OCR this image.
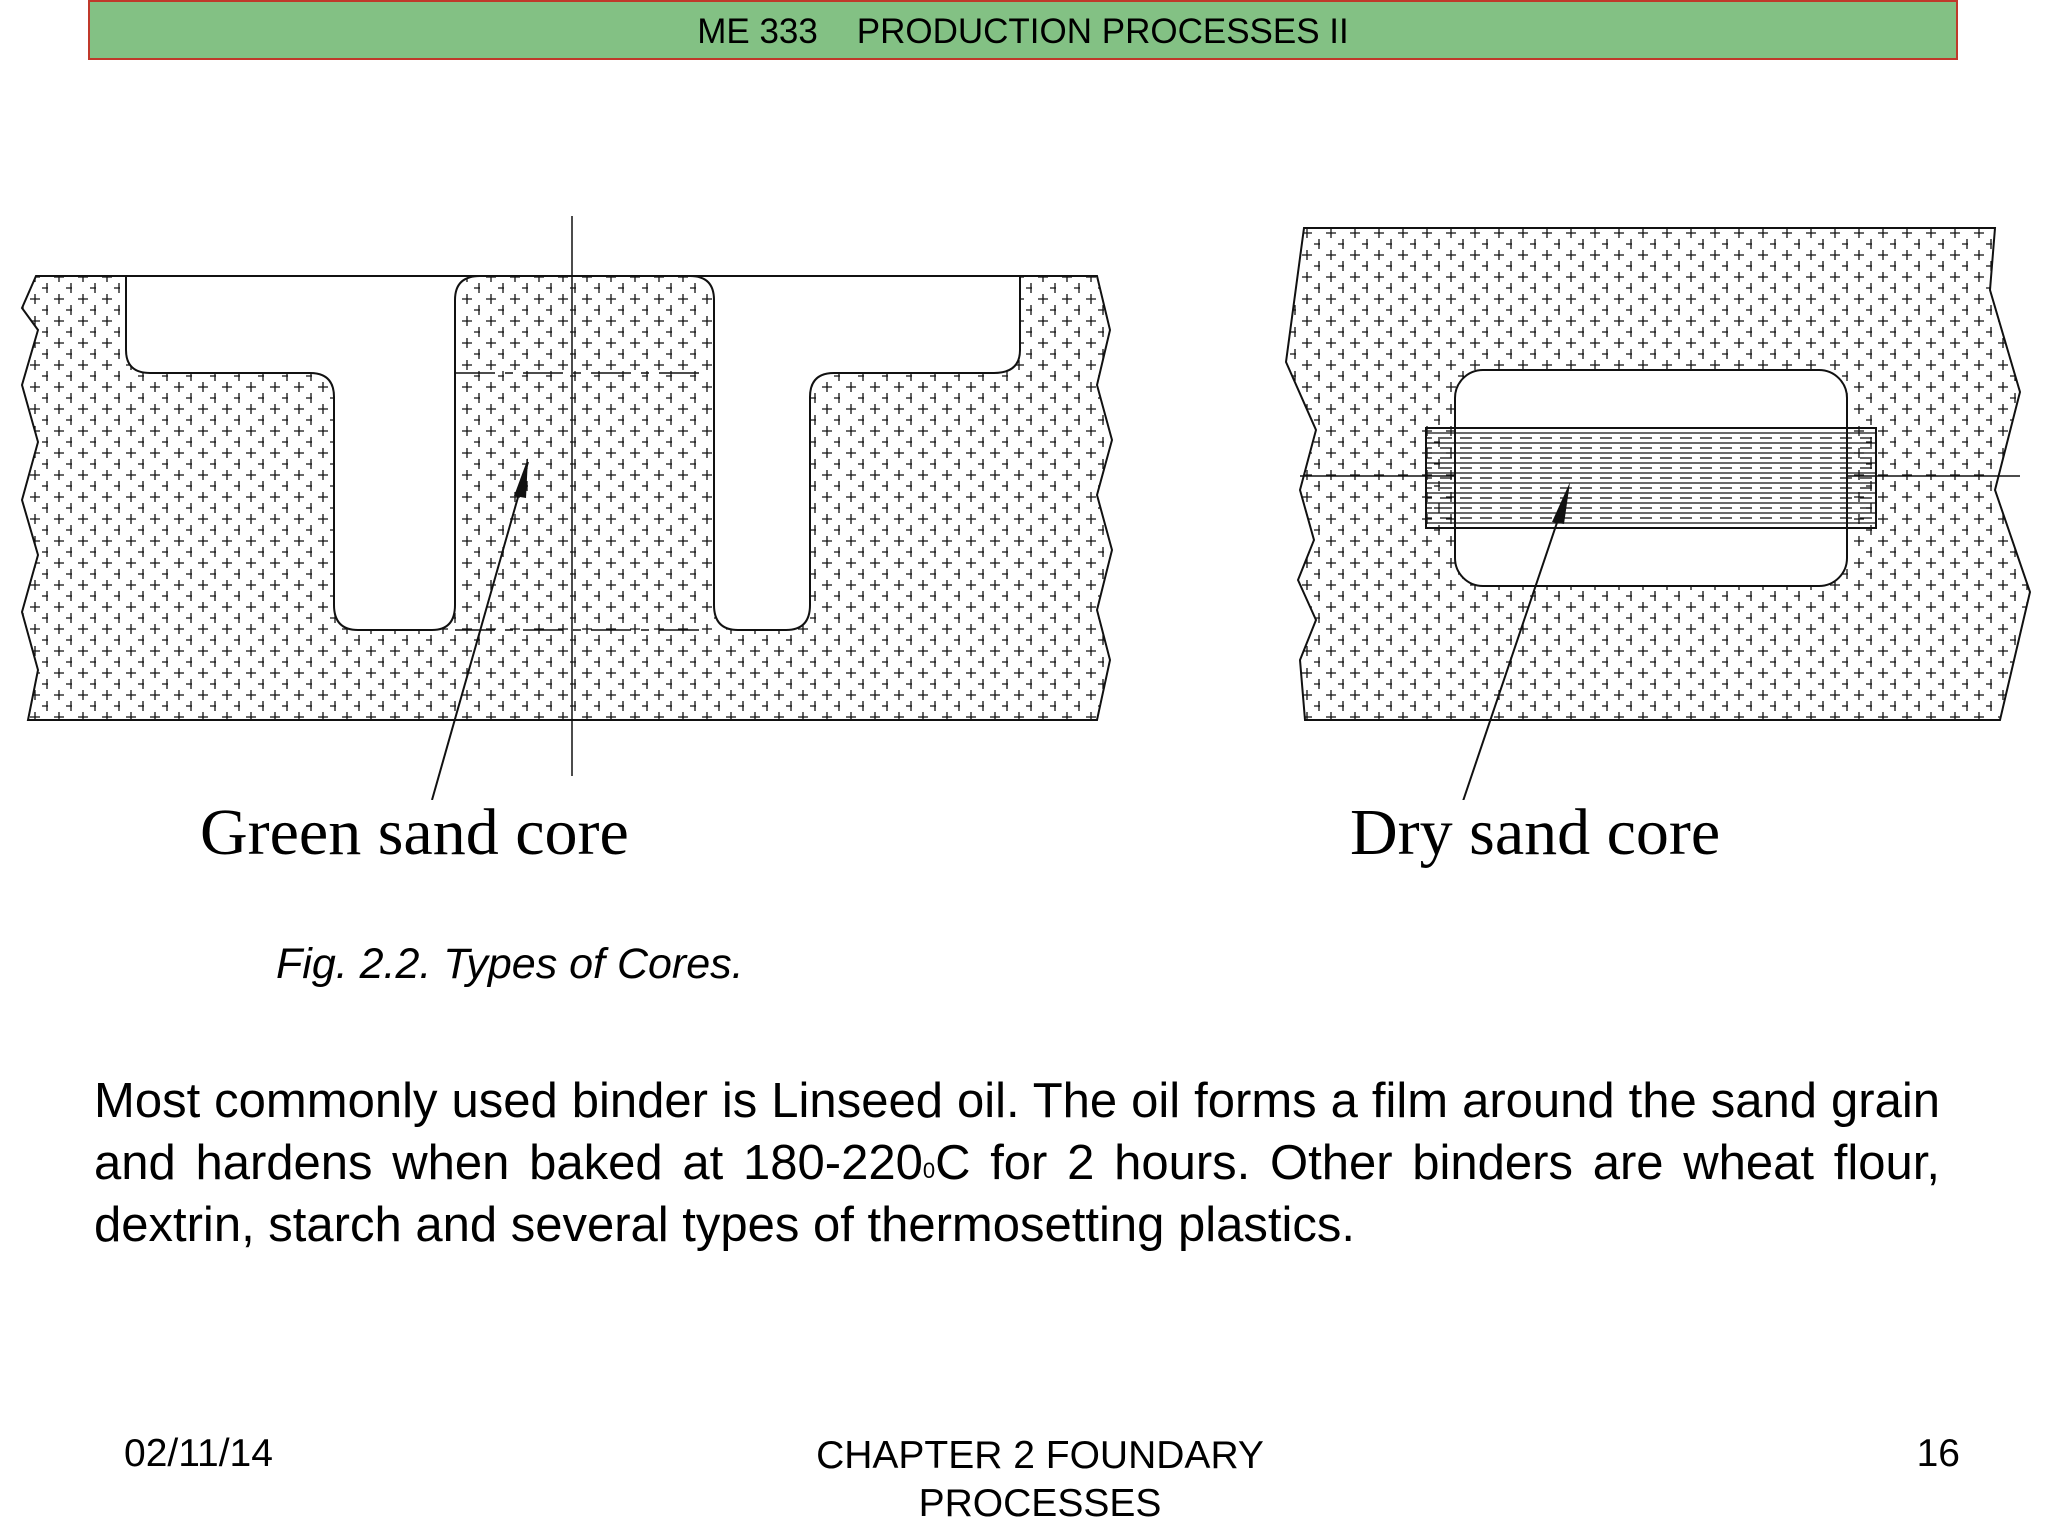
ME 333    PRODUCTION PROCESSES II
Green sand core	Dry sand core
Fig. 2.2. Types of Cores.
Most commonly used binder is Linseed oil. The oil forms a film around the sand grain and hardens when baked at $180-220^0C$ for 2 hours. Other binders are wheat flour, dextrin, starch and several types of thermosetting plastics.
02/11/14	CHAPTER 2 FOUNDARY PROCESSES
16
